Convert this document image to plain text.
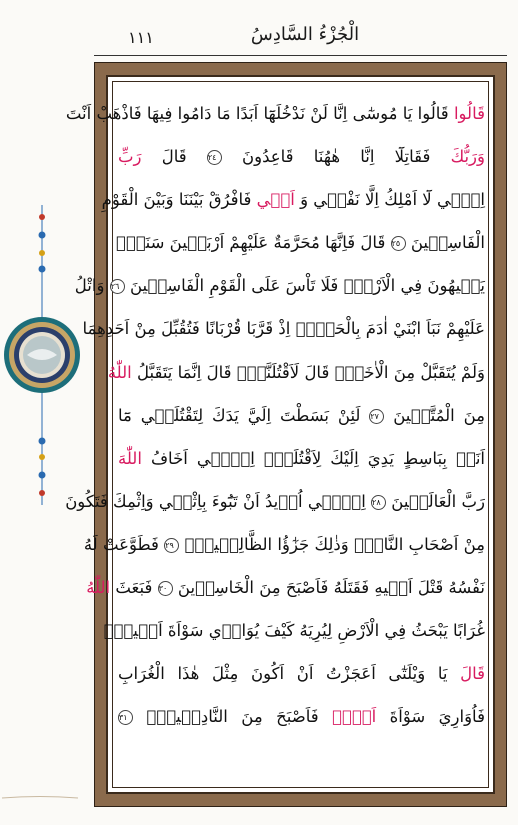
١١١	الْجُزْءُ السَّادِسُ
قَالُوا قَالُوا يَا مُوسٰٓى اِنَّا لَنْ نَدْخُلَهَٓا اَبَدًا مَا دَامُوا فِيهَا فَاذْهَبْ اَنْتَ
وَرَبُّكَ فَقَاتِلَٓا اِنَّا هٰهُنَا قَاعِدُونَ ٢٤ قَالَ رَبِّ
اِنّ۪ي لَٓا اَمْلِكُ اِلَّا نَفْس۪ي وَ اَخ۪ي فَافْرُقْ بَيْنَنَا وَبَيْنَ الْقَوْمِ
الْفَاسِق۪ينَ ٢٥ قَالَ فَاِنَّهَا مُحَرَّمَةٌ عَلَيْهِمْ اَرْبَع۪ينَ سَنَةًۚ
يَت۪يهُونَ فِي الْاَرْضِۜ فَلَا تَاْسَ عَلَى الْقَوْمِ الْفَاسِق۪ينَ ٢٦ وَاتْلُ
عَلَيْهِمْ نَبَاَ ابْنَيْ اٰدَمَ بِالْحَقِّۢ اِذْ قَرَّبَا قُرْبَانًا فَتُقُبِّلَ مِنْ اَحَدِهِمَا
وَلَمْ يُتَقَبَّلْ مِنَ الْاٰخَرِۜ قَالَ لَاَقْتُلَنَّكَۜ قَالَ اِنَّمَا يَتَقَبَّلُ اللّٰهُ
مِنَ الْمُتَّق۪ينَ ٢٧ لَئِنْ بَسَطْتَ اِلَيَّ يَدَكَ لِتَقْتُلَن۪ي مَٓا
اَنَا۬ بِبَاسِطٍ يَدِيَ اِلَيْكَ لِاَقْتُلَكَۚ اِنّ۪ٓي اَخَافُ اللّٰهَ
رَبَّ الْعَالَم۪ينَ ٢٨ اِنّ۪ٓي اُر۪يدُ اَنْ تَبُٓوءَ بِاِثْم۪ي وَاِثْمِكَ فَتَكُونَ
مِنْ اَصْحَابِ النَّارِۚ وَذٰلِكَ جَزٰٓؤُا الظَّالِم۪ينَۚ ٢٩ فَطَوَّعَتْ لَهُ
نَفْسُهُ قَتْلَ اَخ۪يهِ فَقَتَلَهُ فَاَصْبَحَ مِنَ الْخَاسِر۪ينَ ٣٠ فَبَعَثَ اللّٰهُ
غُرَابًا يَبْحَثُ فِي الْاَرْضِ لِيُرِيَهُ كَيْفَ يُوَار۪ي سَوْاَةَ اَخ۪يهِۜ
قَالَ يَا وَيْلَتٰٓى اَعَجَزْتُ اَنْ اَكُونَ مِثْلَ هٰذَا الْغُرَابِ
فَاُوَارِيَ سَوْاَةَ اَخ۪يۚ فَاَصْبَحَ مِنَ النَّادِم۪ينَۚ ٣١
